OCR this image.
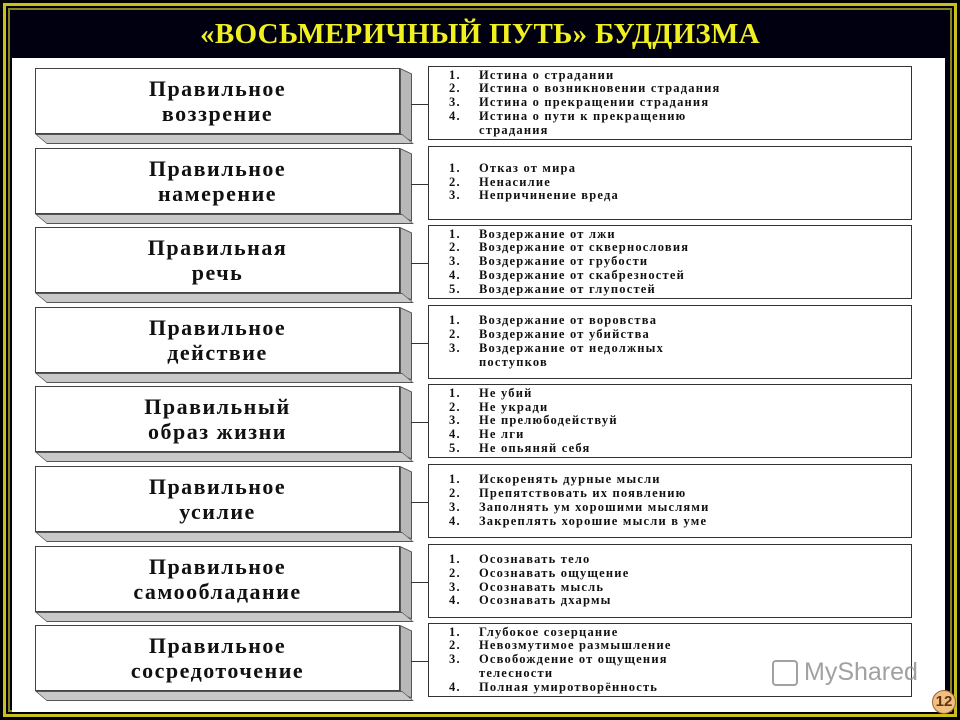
«ВОСЬМЕРИЧНЫЙ ПУТЬ» БУДДИЗМА
Правильное
воззрение
1.	Истина о страдании
2.	Истина о возникновении страдания
3.	Истина о прекращении страдания
4.	Истина о пути к прекращению
страдания
Правильное
намерение
1.	Отказ от мира
2.	Ненасилие
3.	Непричинение вреда
Правильная
речь
1.	Воздержание от лжи
2.	Воздержание от сквернословия
3.	Воздержание от грубости
4.	Воздержание от скабрезностей
5.	Воздержание от глупостей
Правильное
действие
1.	Воздержание от воровства
2.	Воздержание от убийства
3.	Воздержание от недолжных
поступков
Правильный
образ жизни
1.	Не убий
2.	Не укради
3.	Не прелюбодействуй
4.	Не лги
5.	Не опьяняй себя
Правильное
усилие
1.	Искоренять дурные мысли
2.	Препятствовать их появлению
3.	Заполнять ум хорошими мыслями
4.	Закреплять хорошие мысли в уме
Правильное
самообладание
1.	Осознавать тело
2.	Осознавать ощущение
3.	Осознавать мысль
4.	Осознавать дхармы
Правильное
сосредоточение
1.	Глубокое созерцание
2.	Невозмутимое размышление
3.	Освобождение от ощущения
телесности
4.	Полная умиротворённость
MyShared
12
